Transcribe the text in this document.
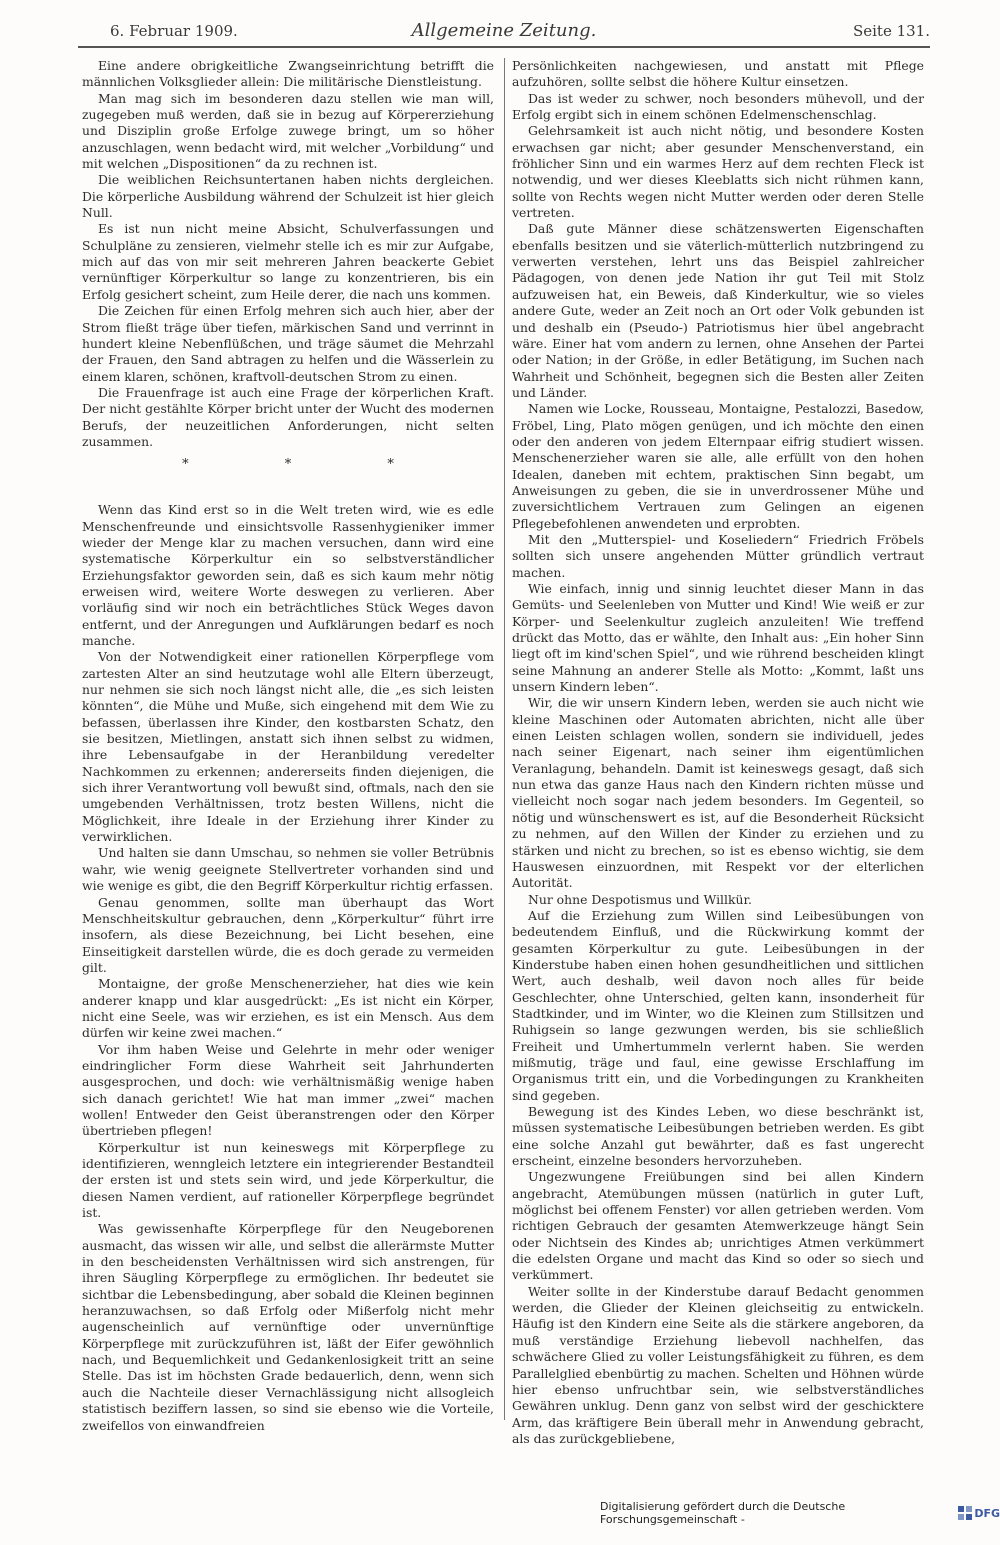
6. Februar 1909.	Allgemeine Zeitung.	Seite 131.

Eine andere obrigkeitliche Zwangseinrichtung betrifft die männlichen Volksglieder allein: Die militärische Dienstleistung.

Man mag sich im besonderen dazu stellen wie man will, zugegeben muß werden, daß sie in bezug auf Körpererziehung und Disziplin große Erfolge zuwege bringt, um so höher anzuschlagen, wenn bedacht wird, mit welcher „Vorbildung“ und mit welchen „Dispositionen“ da zu rechnen ist.

Die weiblichen Reichsuntertanen haben nichts dergleichen. Die körperliche Ausbildung während der Schulzeit ist hier gleich Null.

Es ist nun nicht meine Absicht, Schulverfassungen und Schulpläne zu zensieren, vielmehr stelle ich es mir zur Aufgabe, mich auf das von mir seit mehreren Jahren beackerte Gebiet vernünftiger Körperkultur so lange zu konzentrieren, bis ein Erfolg gesichert scheint, zum Heile derer, die nach uns kommen.

Die Zeichen für einen Erfolg mehren sich auch hier, aber der Strom fließt träge über tiefen, märkischen Sand und verrinnt in hundert kleine Nebenflüßchen, und träge säumet die Mehrzahl der Frauen, den Sand abtragen zu helfen und die Wässerlein zu einem klaren, schönen, kraftvoll-deutschen Strom zu einen.

Die Frauenfrage ist auch eine Frage der körperlichen Kraft. Der nicht gestählte Körper bricht unter der Wucht des modernen Berufs, der neuzeitlichen Anforderungen, nicht selten zusammen.

* * *

Wenn das Kind erst so in die Welt treten wird, wie es edle Menschenfreunde und einsichtsvolle Rassenhygieniker immer wieder der Menge klar zu machen versuchen, dann wird eine systematische Körperkultur ein so selbstverständlicher Erziehungsfaktor geworden sein, daß es sich kaum mehr nötig erweisen wird, weitere Worte deswegen zu verlieren. Aber vorläufig sind wir noch ein beträchtliches Stück Weges davon entfernt, und der Anregungen und Aufklärungen bedarf es noch manche.

Von der Notwendigkeit einer rationellen Körperpflege vom zartesten Alter an sind heutzutage wohl alle Eltern überzeugt, nur nehmen sie sich noch längst nicht alle, die „es sich leisten könnten“, die Mühe und Muße, sich eingehend mit dem Wie zu befassen, überlassen ihre Kinder, den kostbarsten Schatz, den sie besitzen, Mietlingen, anstatt sich ihnen selbst zu widmen, ihre Lebensaufgabe in der Heranbildung veredelter Nachkommen zu erkennen; andererseits finden diejenigen, die sich ihrer Verantwortung voll bewußt sind, oftmals, nach den sie umgebenden Verhältnissen, trotz besten Willens, nicht die Möglichkeit, ihre Ideale in der Erziehung ihrer Kinder zu verwirklichen.

Und halten sie dann Umschau, so nehmen sie voller Betrübnis wahr, wie wenig geeignete Stellvertreter vorhanden sind und wie wenige es gibt, die den Begriff Körperkultur richtig erfassen.

Genau genommen, sollte man überhaupt das Wort Menschheitskultur gebrauchen, denn „Körperkultur“ führt irre insofern, als diese Bezeichnung, bei Licht besehen, eine Einseitigkeit darstellen würde, die es doch gerade zu vermeiden gilt.

Montaigne, der große Menschenerzieher, hat dies wie kein anderer knapp und klar ausgedrückt: „Es ist nicht ein Körper, nicht eine Seele, was wir erziehen, es ist ein Mensch. Aus dem dürfen wir keine zwei machen.“

Vor ihm haben Weise und Gelehrte in mehr oder weniger eindringlicher Form diese Wahrheit seit Jahrhunderten ausgesprochen, und doch: wie verhältnismäßig wenige haben sich danach gerichtet! Wie hat man immer „zwei“ machen wollen! Entweder den Geist überanstrengen oder den Körper übertrieben pflegen!

Körperkultur ist nun keineswegs mit Körperpflege zu identifizieren, wenngleich letztere ein integrierender Bestandteil der ersten ist und stets sein wird, und jede Körperkultur, die diesen Namen verdient, auf rationeller Körperpflege begründet ist.

Was gewissenhafte Körperpflege für den Neugeborenen ausmacht, das wissen wir alle, und selbst die allerärmste Mutter in den bescheidensten Verhältnissen wird sich anstrengen, für ihren Säugling Körperpflege zu ermöglichen. Ihr bedeutet sie sichtbar die Lebensbedingung, aber sobald die Kleinen beginnen heranzuwachsen, so daß Erfolg oder Mißerfolg nicht mehr augenscheinlich auf vernünftige oder unvernünftige Körperpflege mit zurückzuführen ist, läßt der Eifer gewöhnlich nach, und Bequemlichkeit und Gedankenlosigkeit tritt an seine Stelle. Das ist im höchsten Grade bedauerlich, denn, wenn sich auch die Nachteile dieser Vernachlässigung nicht allsogleich statistisch beziffern lassen, so sind sie ebenso wie die Vorteile, zweifellos von einwandfreien

Persönlichkeiten nachgewiesen, und anstatt mit Pflege aufzuhören, sollte selbst die höhere Kultur einsetzen.

Das ist weder zu schwer, noch besonders mühevoll, und der Erfolg ergibt sich in einem schönen Edelmenschenschlag.

Gelehrsamkeit ist auch nicht nötig, und besondere Kosten erwachsen gar nicht; aber gesunder Menschenverstand, ein fröhlicher Sinn und ein warmes Herz auf dem rechten Fleck ist notwendig, und wer dieses Kleeblatts sich nicht rühmen kann, sollte von Rechts wegen nicht Mutter werden oder deren Stelle vertreten.

Daß gute Männer diese schätzenswerten Eigenschaften ebenfalls besitzen und sie väterlich-mütterlich nutzbringend zu verwerten verstehen, lehrt uns das Beispiel zahlreicher Pädagogen, von denen jede Nation ihr gut Teil mit Stolz aufzuweisen hat, ein Beweis, daß Kinderkultur, wie so vieles andere Gute, weder an Zeit noch an Ort oder Volk gebunden ist und deshalb ein (Pseudo-) Patriotismus hier übel angebracht wäre. Einer hat vom andern zu lernen, ohne Ansehen der Partei oder Nation; in der Größe, in edler Betätigung, im Suchen nach Wahrheit und Schönheit, begegnen sich die Besten aller Zeiten und Länder.

Namen wie Locke, Rousseau, Montaigne, Pestalozzi, Basedow, Fröbel, Ling, Plato mögen genügen, und ich möchte den einen oder den anderen von jedem Elternpaar eifrig studiert wissen. Menschenerzieher waren sie alle, alle erfüllt von den hohen Idealen, daneben mit echtem, praktischen Sinn begabt, um Anweisungen zu geben, die sie in unverdrossener Mühe und zuversichtlichem Vertrauen zum Gelingen an eigenen Pflegebefohlenen anwendeten und erprobten.

Mit den „Mutterspiel- und Koseliedern“ Friedrich Fröbels sollten sich unsere angehenden Mütter gründlich vertraut machen.

Wie einfach, innig und sinnig leuchtet dieser Mann in das Gemüts- und Seelenleben von Mutter und Kind! Wie weiß er zur Körper- und Seelenkultur zugleich anzuleiten! Wie treffend drückt das Motto, das er wählte, den Inhalt aus: „Ein hoher Sinn liegt oft im kind'schen Spiel“, und wie rührend bescheiden klingt seine Mahnung an anderer Stelle als Motto: „Kommt, laßt uns unsern Kindern leben“.

Wir, die wir unsern Kindern leben, werden sie auch nicht wie kleine Maschinen oder Automaten abrichten, nicht alle über einen Leisten schlagen wollen, sondern sie individuell, jedes nach seiner Eigenart, nach seiner ihm eigentümlichen Veranlagung, behandeln. Damit ist keineswegs gesagt, daß sich nun etwa das ganze Haus nach den Kindern richten müsse und vielleicht noch sogar nach jedem besonders. Im Gegenteil, so nötig und wünschenswert es ist, auf die Besonderheit Rücksicht zu nehmen, auf den Willen der Kinder zu erziehen und zu stärken und nicht zu brechen, so ist es ebenso wichtig, sie dem Hauswesen einzuordnen, mit Respekt vor der elterlichen Autorität.

Nur ohne Despotismus und Willkür.

Auf die Erziehung zum Willen sind Leibesübungen von bedeutendem Einfluß, und die Rückwirkung kommt der gesamten Körperkultur zu gute. Leibesübungen in der Kinderstube haben einen hohen gesundheitlichen und sittlichen Wert, auch deshalb, weil davon noch alles für beide Geschlechter, ohne Unterschied, gelten kann, insonderheit für Stadtkinder, und im Winter, wo die Kleinen zum Stillsitzen und Ruhigsein so lange gezwungen werden, bis sie schließlich Freiheit und Umhertummeln verlernt haben. Sie werden mißmutig, träge und faul, eine gewisse Erschlaffung im Organismus tritt ein, und die Vorbedingungen zu Krankheiten sind gegeben.

Bewegung ist des Kindes Leben, wo diese beschränkt ist, müssen systematische Leibesübungen betrieben werden. Es gibt eine solche Anzahl gut bewährter, daß es fast ungerecht erscheint, einzelne besonders hervorzuheben.

Ungezwungene Freiübungen sind bei allen Kindern angebracht, Atemübungen müssen (natürlich in guter Luft, möglichst bei offenem Fenster) vor allen getrieben werden. Vom richtigen Gebrauch der gesamten Atemwerkzeuge hängt Sein oder Nichtsein des Kindes ab; unrichtiges Atmen verkümmert die edelsten Organe und macht das Kind so oder so siech und verkümmert.

Weiter sollte in der Kinderstube darauf Bedacht genommen werden, die Glieder der Kleinen gleichseitig zu entwickeln. Häufig ist den Kindern eine Seite als die stärkere angeboren, da muß verständige Erziehung liebevoll nachhelfen, das schwächere Glied zu voller Leistungsfähigkeit zu führen, es dem Parallelglied ebenbürtig zu machen. Schelten und Höhnen würde hier ebenso unfruchtbar sein, wie selbstverständliches Gewähren unklug. Denn ganz von selbst wird der geschicktere Arm, das kräftigere Bein überall mehr in Anwendung gebracht, als das zurückgebliebene,

Digitalisierung gefördert durch die Deutsche Forschungsgemeinschaft -	DFG
